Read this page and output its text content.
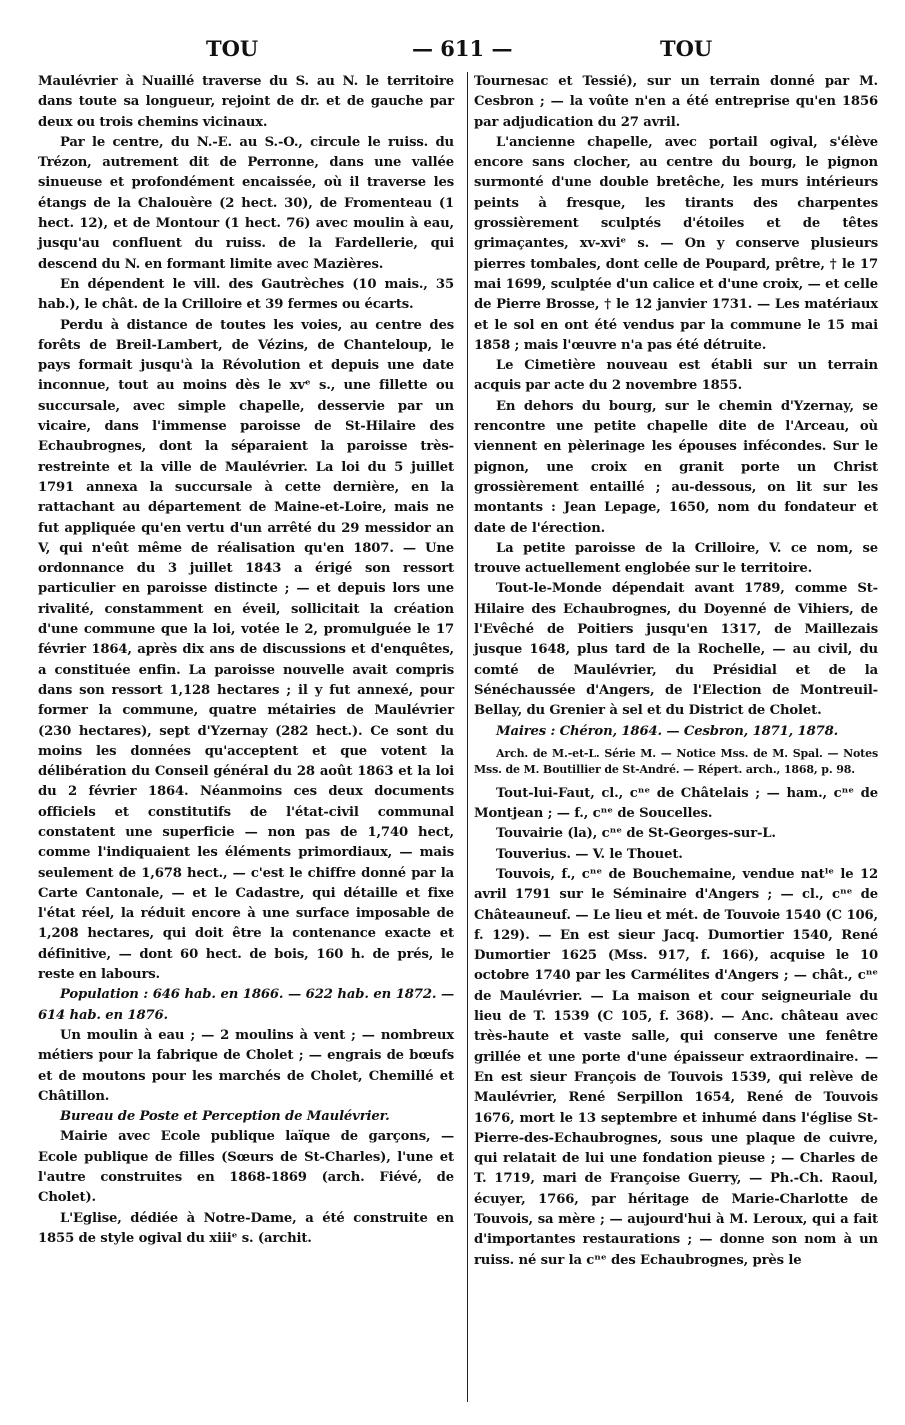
TOU	— 611 —	TOU

Maulévrier à Nuaillé traverse du S. au N. le territoire dans toute sa longueur, rejoint de dr. et de gauche par deux ou trois chemins vicinaux.

Par le centre, du N.-E. au S.-O., circule le ruiss. du Trézon, autrement dit de Perronne, dans une vallée sinueuse et profondément encaissée, où il traverse les étangs de la Chalouère (2 hect. 30), de Fromenteau (1 hect. 12), et de Montour (1 hect. 76) avec moulin à eau, jusqu'au confluent du ruiss. de la Fardellerie, qui descend du N. en formant limite avec Mazières.

En dépendent le vill. des Gautrèches (10 mais., 35 hab.), le chât. de la Crilloire et 39 fermes ou écarts.

Perdu à distance de toutes les voies, au centre des forêts de Breil-Lambert, de Vézins, de Chanteloup, le pays formait jusqu'à la Révolution et depuis une date inconnue, tout au moins dès le xvᵉ s., une fillette ou succursale, avec simple chapelle, desservie par un vicaire, dans l'immense paroisse de St-Hilaire des Echaubrognes, dont la séparaient la paroisse très-restreinte et la ville de Maulévrier. La loi du 5 juillet 1791 annexa la succursale à cette dernière, en la rattachant au département de Maine-et-Loire, mais ne fut appliquée qu'en vertu d'un arrêté du 29 messidor an V, qui n'eût même de réalisation qu'en 1807. — Une ordonnance du 3 juillet 1843 a érigé son ressort particulier en paroisse distincte ; — et depuis lors une rivalité, constamment en éveil, sollicitait la création d'une commune que la loi, votée le 2, promulguée le 17 février 1864, après dix ans de discussions et d'enquêtes, a constituée enfin. La paroisse nouvelle avait compris dans son ressort 1,128 hectares ; il y fut annexé, pour former la commune, quatre métairies de Maulévrier (230 hectares), sept d'Yzernay (282 hect.). Ce sont du moins les données qu'acceptent et que votent la délibération du Conseil général du 28 août 1863 et la loi du 2 février 1864. Néanmoins ces deux documents officiels et constitutifs de l'état-civil communal constatent une superficie — non pas de 1,740 hect, comme l'indiquaient les éléments primordiaux, — mais seulement de 1,678 hect., — c'est le chiffre donné par la Carte Cantonale, — et le Cadastre, qui détaille et fixe l'état réel, la réduit encore à une surface imposable de 1,208 hectares, qui doit être la contenance exacte et définitive, — dont 60 hect. de bois, 160 h. de prés, le reste en labours.

Population : 646 hab. en 1866. — 622 hab. en 1872. — 614 hab. en 1876.

Un moulin à eau ; — 2 moulins à vent ; — nombreux métiers pour la fabrique de Cholet ; — engrais de bœufs et de moutons pour les marchés de Cholet, Chemillé et Châtillon.

Bureau de Poste et Perception de Maulévrier.

Mairie avec Ecole publique laïque de garçons, — Ecole publique de filles (Sœurs de St-Charles), l'une et l'autre construites en 1868-1869 (arch. Fiévé, de Cholet).

L'Eglise, dédiée à Notre-Dame, a été construite en 1855 de style ogival du xiiiᵉ s. (archit.

Tournesac et Tessié), sur un terrain donné par M. Cesbron ; — la voûte n'en a été entreprise qu'en 1856 par adjudication du 27 avril.

L'ancienne chapelle, avec portail ogival, s'élève encore sans clocher, au centre du bourg, le pignon surmonté d'une double bretêche, les murs intérieurs peints à fresque, les tirants des charpentes grossièrement sculptés d'étoiles et de têtes grimaçantes, xv-xviᵉ s. — On y conserve plusieurs pierres tombales, dont celle de Poupard, prêtre, † le 17 mai 1699, sculptée d'un calice et d'une croix, — et celle de Pierre Brosse, † le 12 janvier 1731. — Les matériaux et le sol en ont été vendus par la commune le 15 mai 1858 ; mais l'œuvre n'a pas été détruite.

Le Cimetière nouveau est établi sur un terrain acquis par acte du 2 novembre 1855.

En dehors du bourg, sur le chemin d'Yzernay, se rencontre une petite chapelle dite de l'Arceau, où viennent en pèlerinage les épouses infécondes. Sur le pignon, une croix en granit porte un Christ grossièrement entaillé ; au-dessous, on lit sur les montants : Jean Lepage, 1650, nom du fondateur et date de l'érection.

La petite paroisse de la Crilloire, V. ce nom, se trouve actuellement englobée sur le territoire.

Tout-le-Monde dépendait avant 1789, comme St-Hilaire des Echaubrognes, du Doyenné de Vihiers, de l'Evêché de Poitiers jusqu'en 1317, de Maillezais jusque 1648, plus tard de la Rochelle, — au civil, du comté de Maulévrier, du Présidial et de la Sénéchaussée d'Angers, de l'Election de Montreuil-Bellay, du Grenier à sel et du District de Cholet.

Maires : Chéron, 1864. — Cesbron, 1871, 1878.

Arch. de M.-et-L. Série M. — Notice Mss. de M. Spal. — Notes Mss. de M. Boutillier de St-André. — Répert. arch., 1868, p. 98.

Tout-lui-Faut, cl., cⁿᵉ de Châtelais ; — ham., cⁿᵉ de Montjean ; — f., cⁿᵉ de Soucelles.

Touvairie (la), cⁿᵉ de St-Georges-sur-L.

Touverius. — V. le Thouet.

Touvois, f., cⁿᵉ de Bouchemaine, vendue natˡᵉ le 12 avril 1791 sur le Séminaire d'Angers ; — cl., cⁿᵉ de Châteauneuf. — Le lieu et mét. de Touvoie 1540 (C 106, f. 129). — En est sieur Jacq. Dumortier 1540, René Dumortier 1625 (Mss. 917, f. 166), acquise le 10 octobre 1740 par les Carmélites d'Angers ; — chât., cⁿᵉ de Maulévrier. — La maison et cour seigneuriale du lieu de T. 1539 (C 105, f. 368). — Anc. château avec très-haute et vaste salle, qui conserve une fenêtre grillée et une porte d'une épaisseur extraordinaire. — En est sieur François de Touvois 1539, qui relève de Maulévrier, René Serpillon 1654, René de Touvois 1676, mort le 13 septembre et inhumé dans l'église St-Pierre-des-Echaubrognes, sous une plaque de cuivre, qui relatait de lui une fondation pieuse ; — Charles de T. 1719, mari de Françoise Guerry, — Ph.-Ch. Raoul, écuyer, 1766, par héritage de Marie-Charlotte de Touvois, sa mère ; — aujourd'hui à M. Leroux, qui a fait d'importantes restaurations ; — donne son nom à un ruiss. né sur la cⁿᵉ des Echaubrognes, près le
